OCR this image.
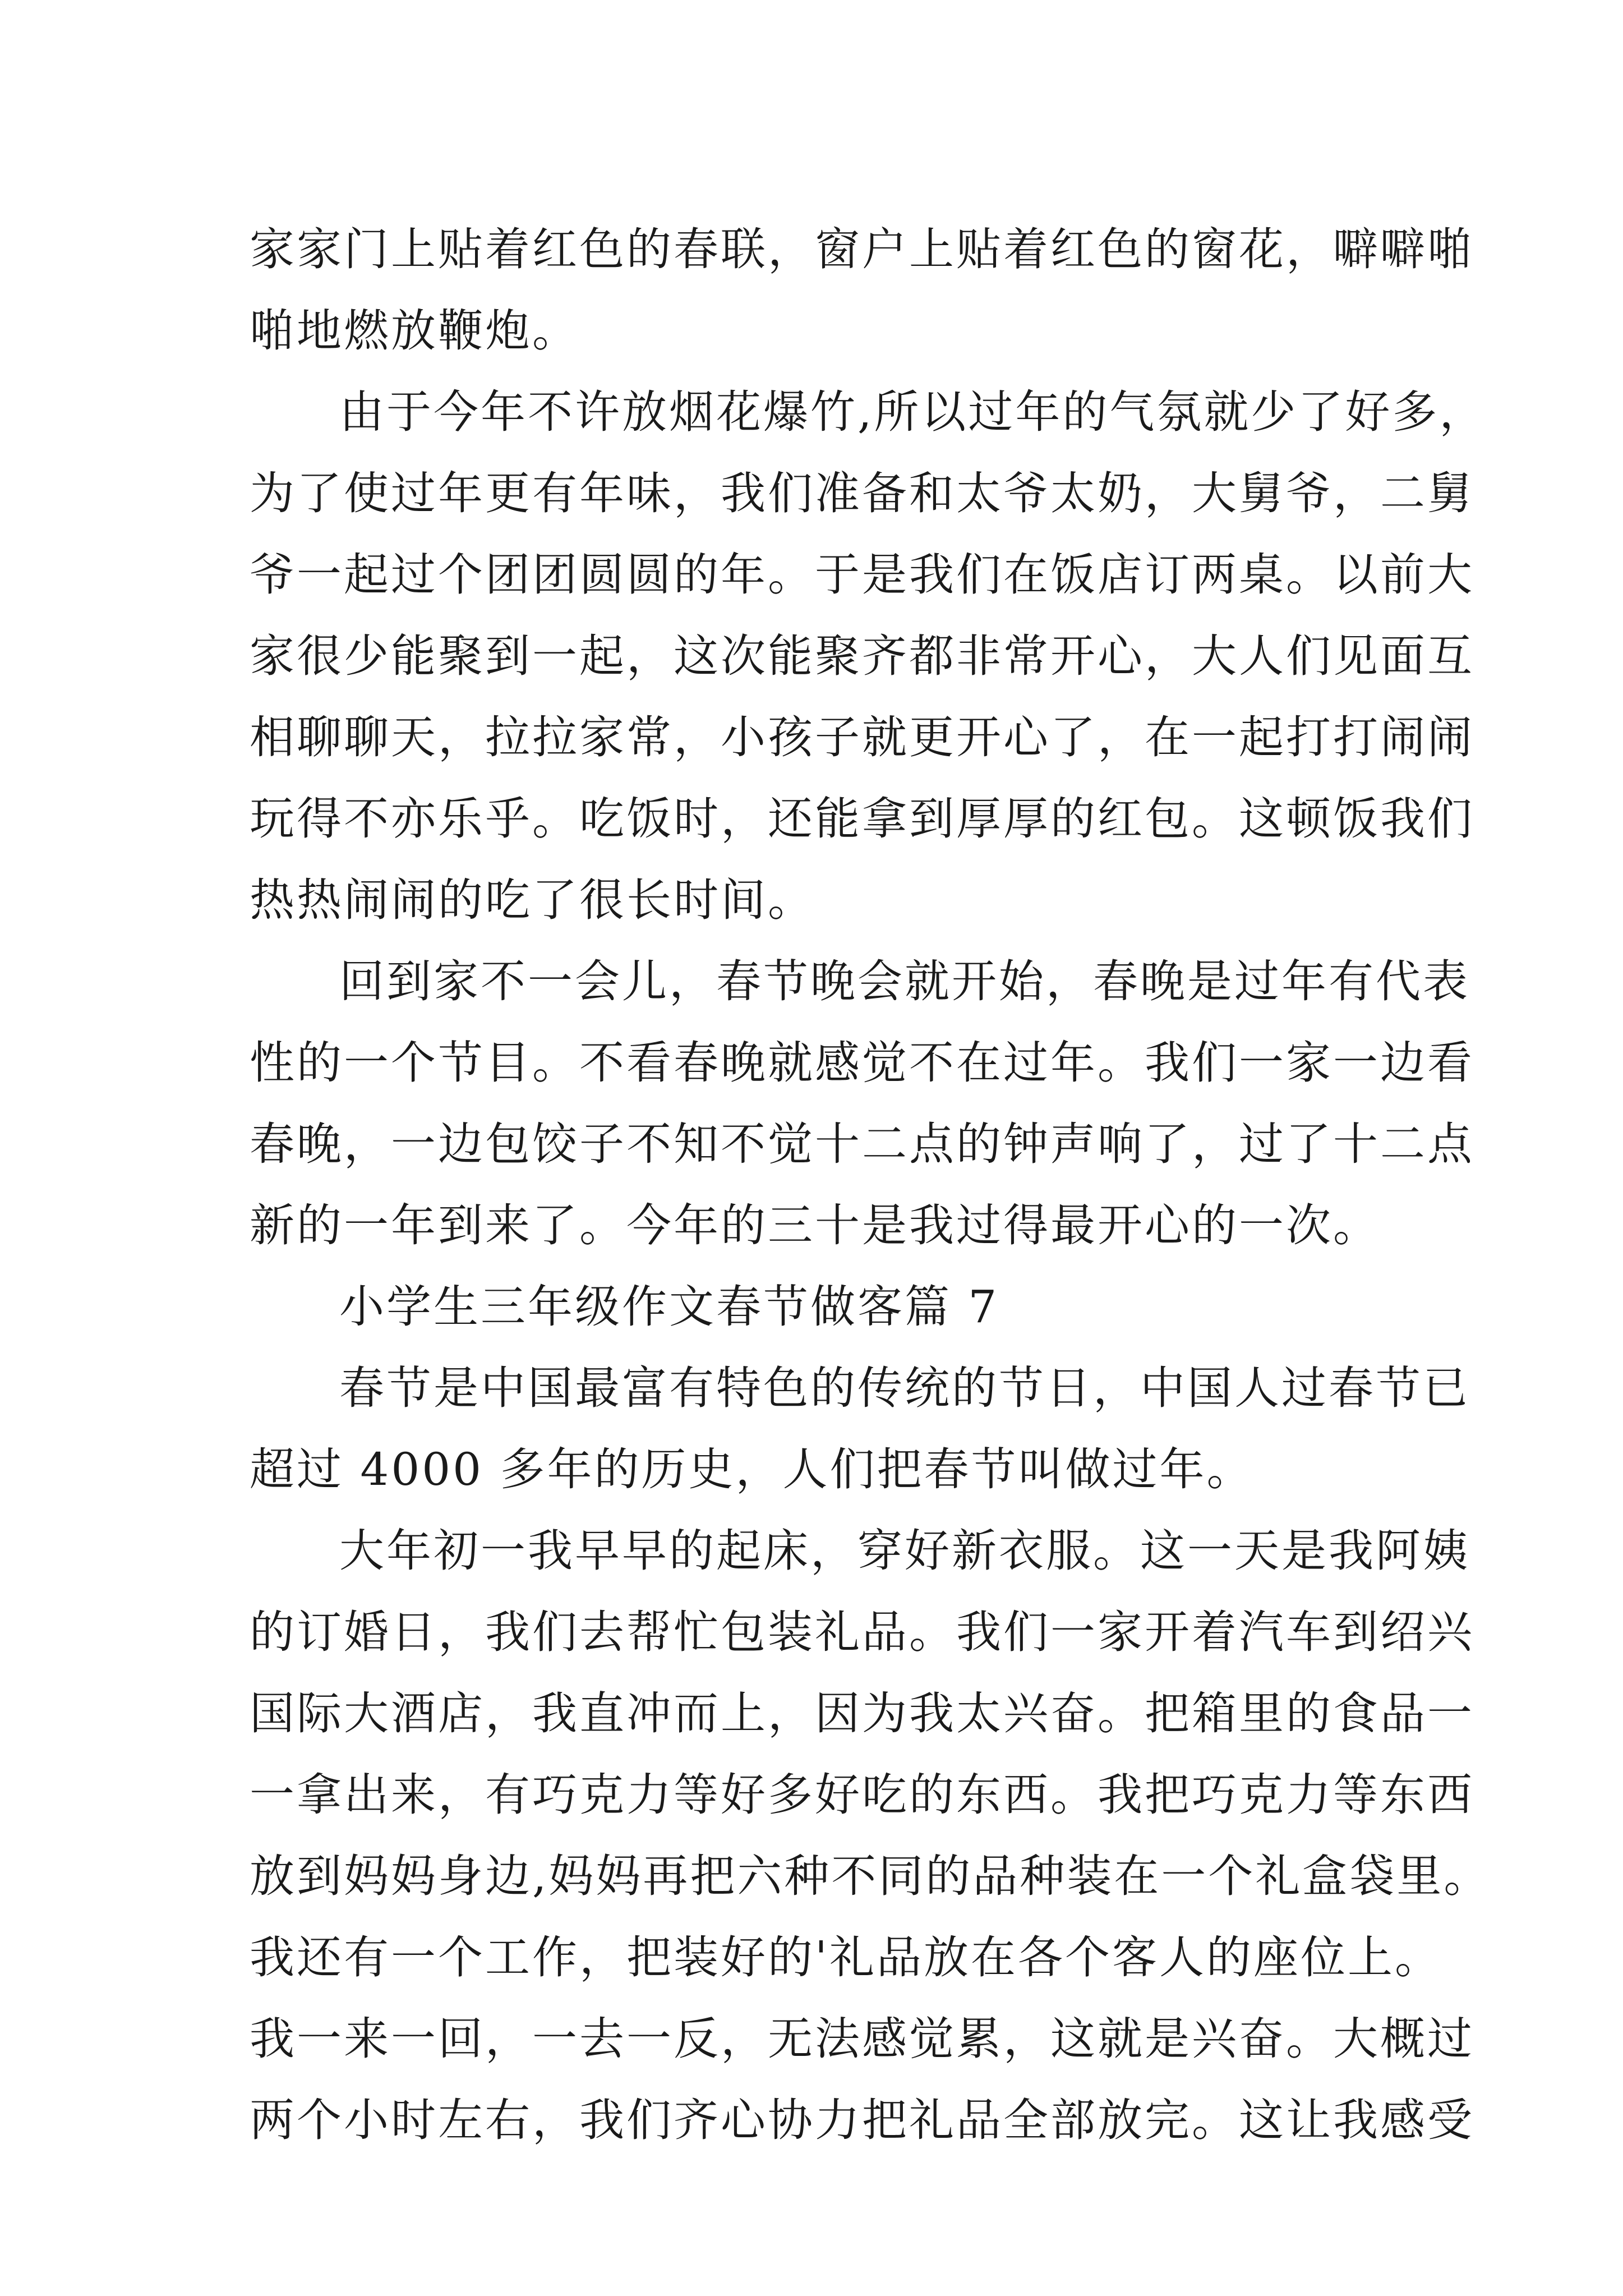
家家门上贴着红色的春联，窗户上贴着红色的窗花，噼噼啪
啪地燃放鞭炮。
由于今年不许放烟花爆竹,所以过年的气氛就少了好多，
为了使过年更有年味，我们准备和太爷太奶，大舅爷，二舅
爷一起过个团团圆圆的年。于是我们在饭店订两桌。以前大
家很少能聚到一起，这次能聚齐都非常开心，大人们见面互
相聊聊天，拉拉家常，小孩子就更开心了，在一起打打闹闹
玩得不亦乐乎。吃饭时，还能拿到厚厚的红包。这顿饭我们
热热闹闹的吃了很长时间。
回到家不一会儿，春节晚会就开始，春晚是过年有代表
性的一个节目。不看春晚就感觉不在过年。我们一家一边看
春晚，一边包饺子不知不觉十二点的钟声响了，过了十二点
新的一年到来了。今年的三十是我过得最开心的一次。
小学生三年级作文春节做客篇 7
春节是中国最富有特色的传统的节日，中国人过春节已
超过 4000 多年的历史，人们把春节叫做过年。
大年初一我早早的起床，穿好新衣服。这一天是我阿姨
的订婚日，我们去帮忙包装礼品。我们一家开着汽车到绍兴
国际大酒店，我直冲而上，因为我太兴奋。把箱里的食品一
一拿出来，有巧克力等好多好吃的东西。我把巧克力等东西
放到妈妈身边,妈妈再把六种不同的品种装在一个礼盒袋里。
我还有一个工作，把装好的'礼品放在各个客人的座位上。
我一来一回，一去一反，无法感觉累，这就是兴奋。大概过
两个小时左右，我们齐心协力把礼品全部放完。这让我感受
